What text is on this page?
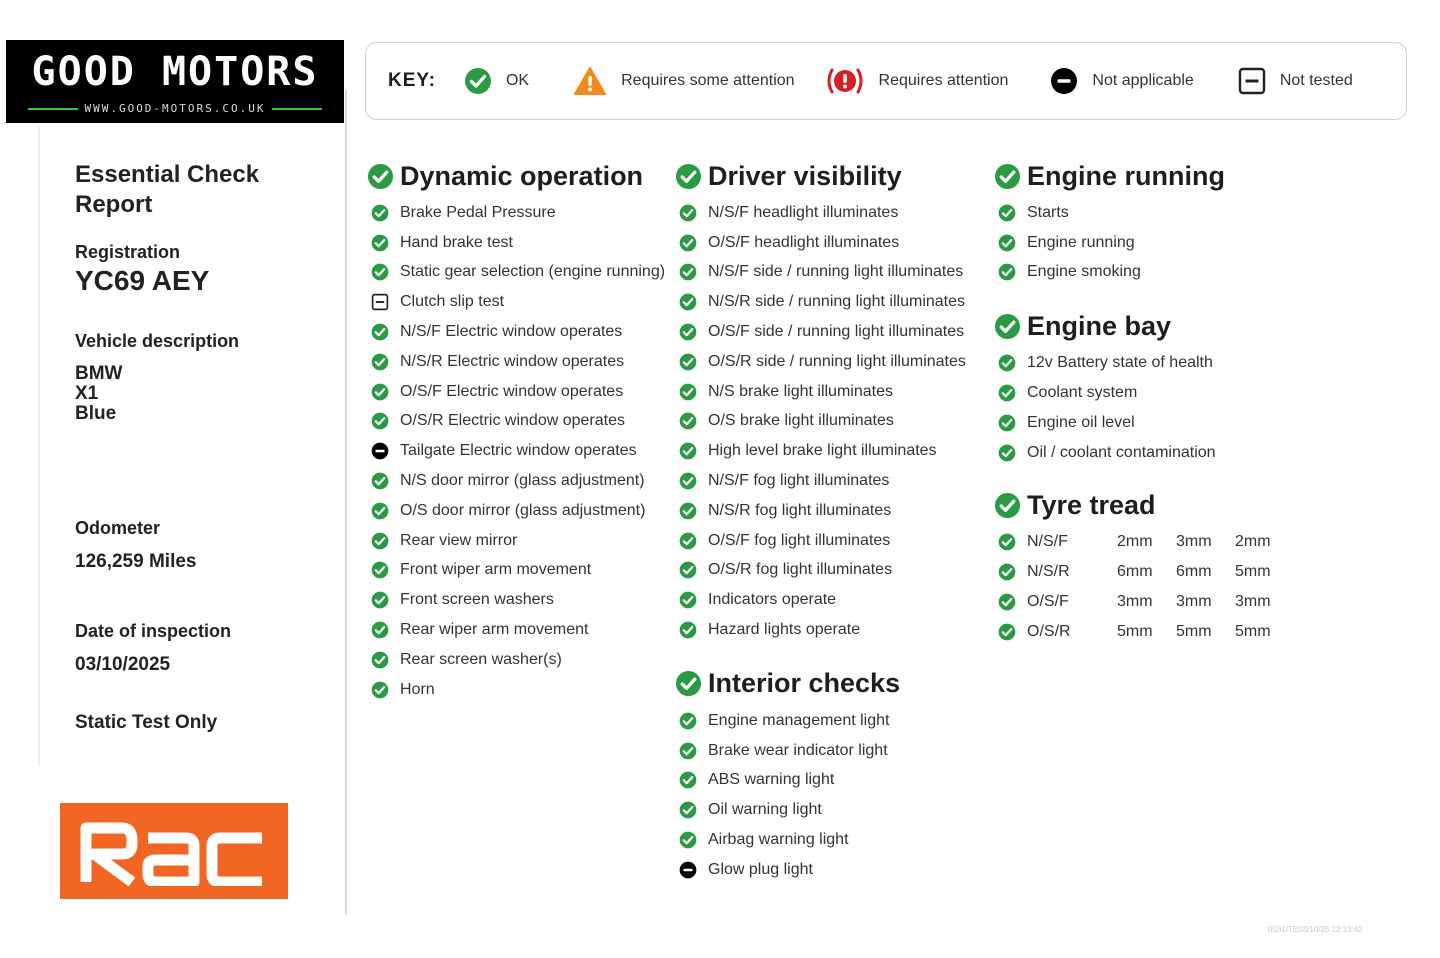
GOOD MOTORS
WWW.GOOD-MOTORS.CO.UK
Essential Check Report
Registration
YC69 AEY
Vehicle description
BMW
X1
Blue
Odometer
126,259 Miles
Date of inspection
03/10/2025
Static Test Only
KEY:	OK	Requires some attention	Requires attention	Not applicable	Not tested
Dynamic operation
Brake Pedal Pressure
Hand brake test
Static gear selection (engine running)
Clutch slip test
N/S/F Electric window operates
N/S/R Electric window operates
O/S/F Electric window operates
O/S/R Electric window operates
Tailgate Electric window operates
N/S door mirror (glass adjustment)
O/S door mirror (glass adjustment)
Rear view mirror
Front wiper arm movement
Front screen washers
Rear wiper arm movement
Rear screen washer(s)
Horn
Driver visibility
N/S/F headlight illuminates
O/S/F headlight illuminates
N/S/F side / running light illuminates
N/S/R side / running light illuminates
O/S/F side / running light illuminates
O/S/R side / running light illuminates
N/S brake light illuminates
O/S brake light illuminates
High level brake light illuminates
N/S/F fog light illuminates
N/S/R fog light illuminates
O/S/F fog light illuminates
O/S/R fog light illuminates
Indicators operate
Hazard lights operate
Interior checks
Engine management light
Brake wear indicator light
ABS warning light
Oil warning light
Airbag warning light
Glow plug light
Engine running
Starts
Engine running
Engine smoking
Engine bay
12v Battery state of health
Coolant system
Engine oil level
Oil / coolant contamination
Tyre tread
N/S/F	2mm	3mm	2mm
N/S/R	6mm	6mm	5mm
O/S/F	3mm	3mm	3mm
O/S/R	5mm	5mm	5mm
0031/TE03/10/25 12:13:42
